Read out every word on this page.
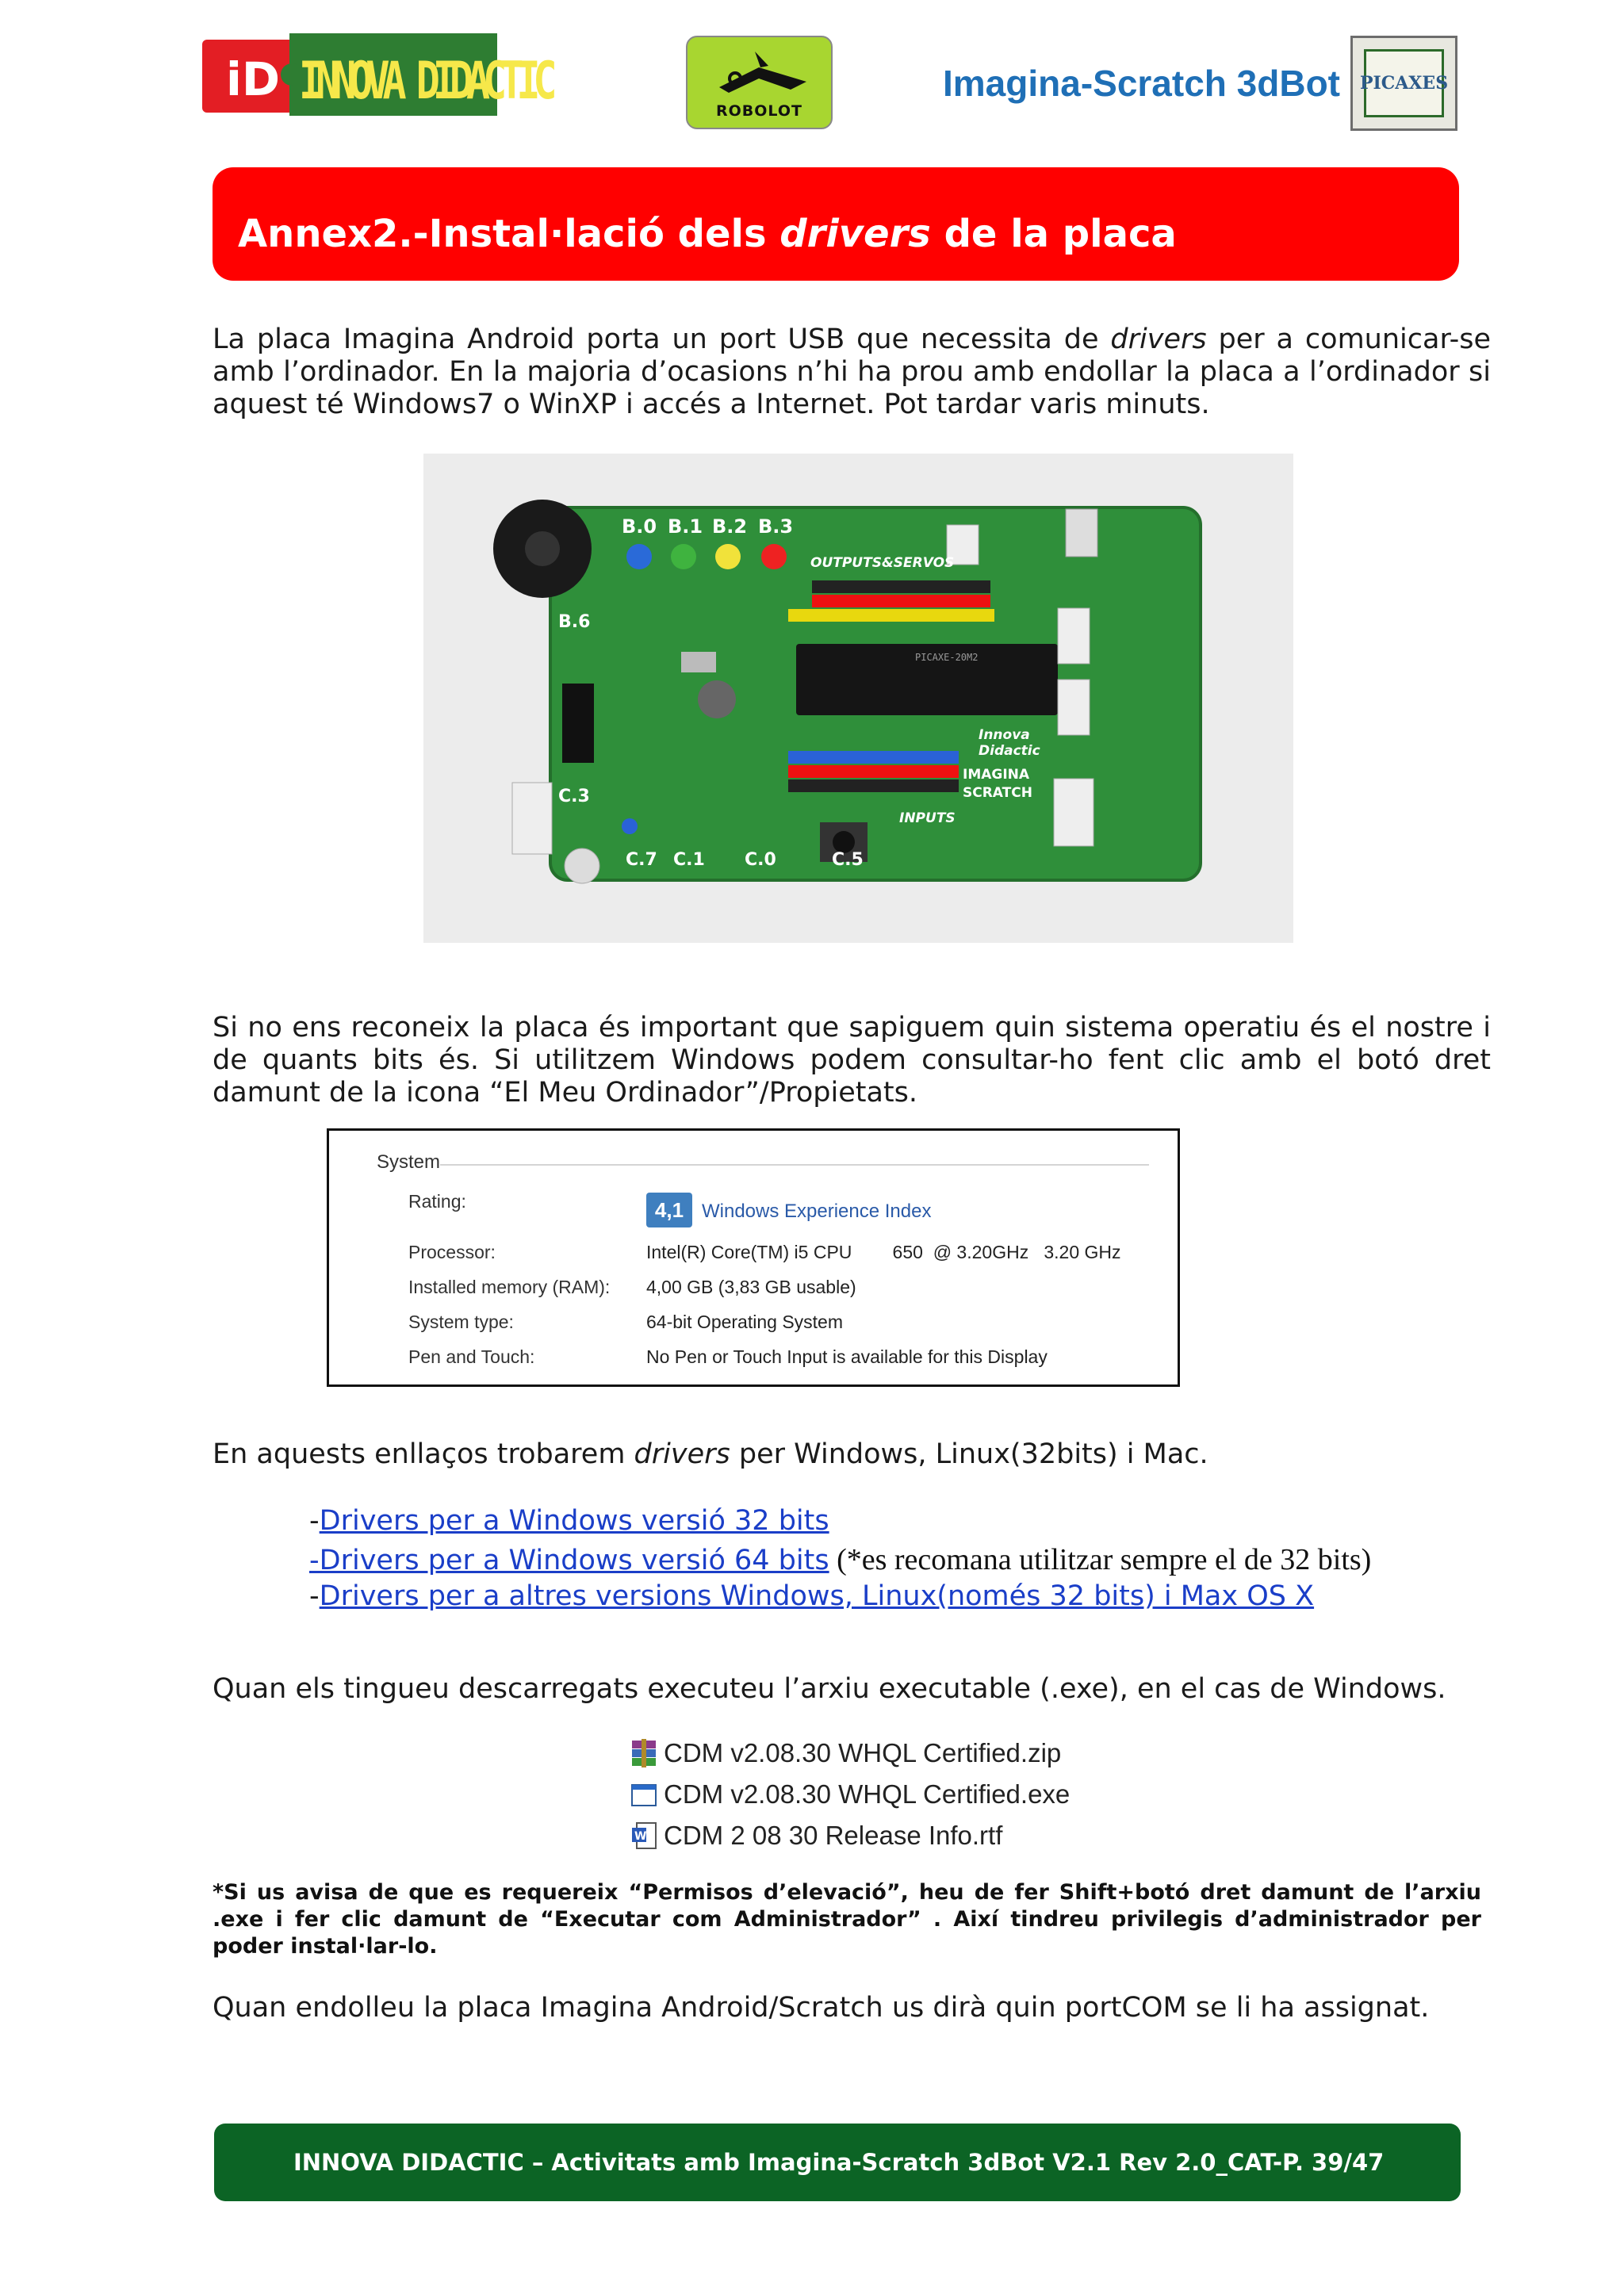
iD INNOVA DIDACTIC
ROBOLOT
Imagina-Scratch 3dBot PICAXES
Annex2.-Instal·lació dels drivers de la placa
La placa Imagina Android porta un port USB que necessita de drivers per a comunicar-se amb l’ordinador. En la majoria d’ocasions n’hi ha prou amb endollar la placa a l’ordinador si aquest té Windows7 o WinXP i accés a Internet. Pot tardar varis minuts.
B.0 B.1 B.2 B.3
OUTPUTS&SERVOS
B.6
C.3
C.7 C.1 C.0	C.5
INPUTS
Innova Didactic
IMAGINA
SCRATCH
PICAXE-20M2
Si no ens reconeix la placa és important que sapiguem quin sistema operatiu és el nostre i de quants bits és. Si utilitzem Windows podem consultar-ho fent clic amb el botó dret damunt de la icona “El Meu Ordinador”/Propietats.
System
Rating:	4,1 Windows Experience Index
Processor:	Intel(R) Core(TM) i5 CPU        650  @ 3.20GHz   3.20 GHz
Installed memory (RAM): 4,00 GB (3,83 GB usable)
System type:	64-bit Operating System
Pen and Touch:	No Pen or Touch Input is available for this Display
En aquests enllaços trobarem drivers per Windows, Linux(32bits) i Mac.
-Drivers per a Windows versió 32 bits
-Drivers per a Windows versió 64 bits (*es recomana utilitzar sempre el de 32 bits)
-Drivers per a altres versions Windows, Linux(només 32 bits) i Max OS X
Quan els tingueu descarregats executeu l’arxiu executable (.exe), en el cas de Windows.
CDM v2.08.30 WHQL Certified.zip
CDM v2.08.30 WHQL Certified.exe
W CDM 2 08 30 Release Info.rtf
*Si us avisa de que es requereix “Permisos d’elevació”, heu de fer Shift+botó dret damunt de l’arxiu .exe i fer clic damunt de “Executar com Administrador” . Així tindreu privilegis d’administrador per poder instal·lar-lo.
Quan endolleu la placa Imagina Android/Scratch us dirà quin portCOM se li ha assignat.
INNOVA DIDACTIC – Activitats amb Imagina-Scratch 3dBot V2.1 Rev 2.0_CAT-P. 39/47
